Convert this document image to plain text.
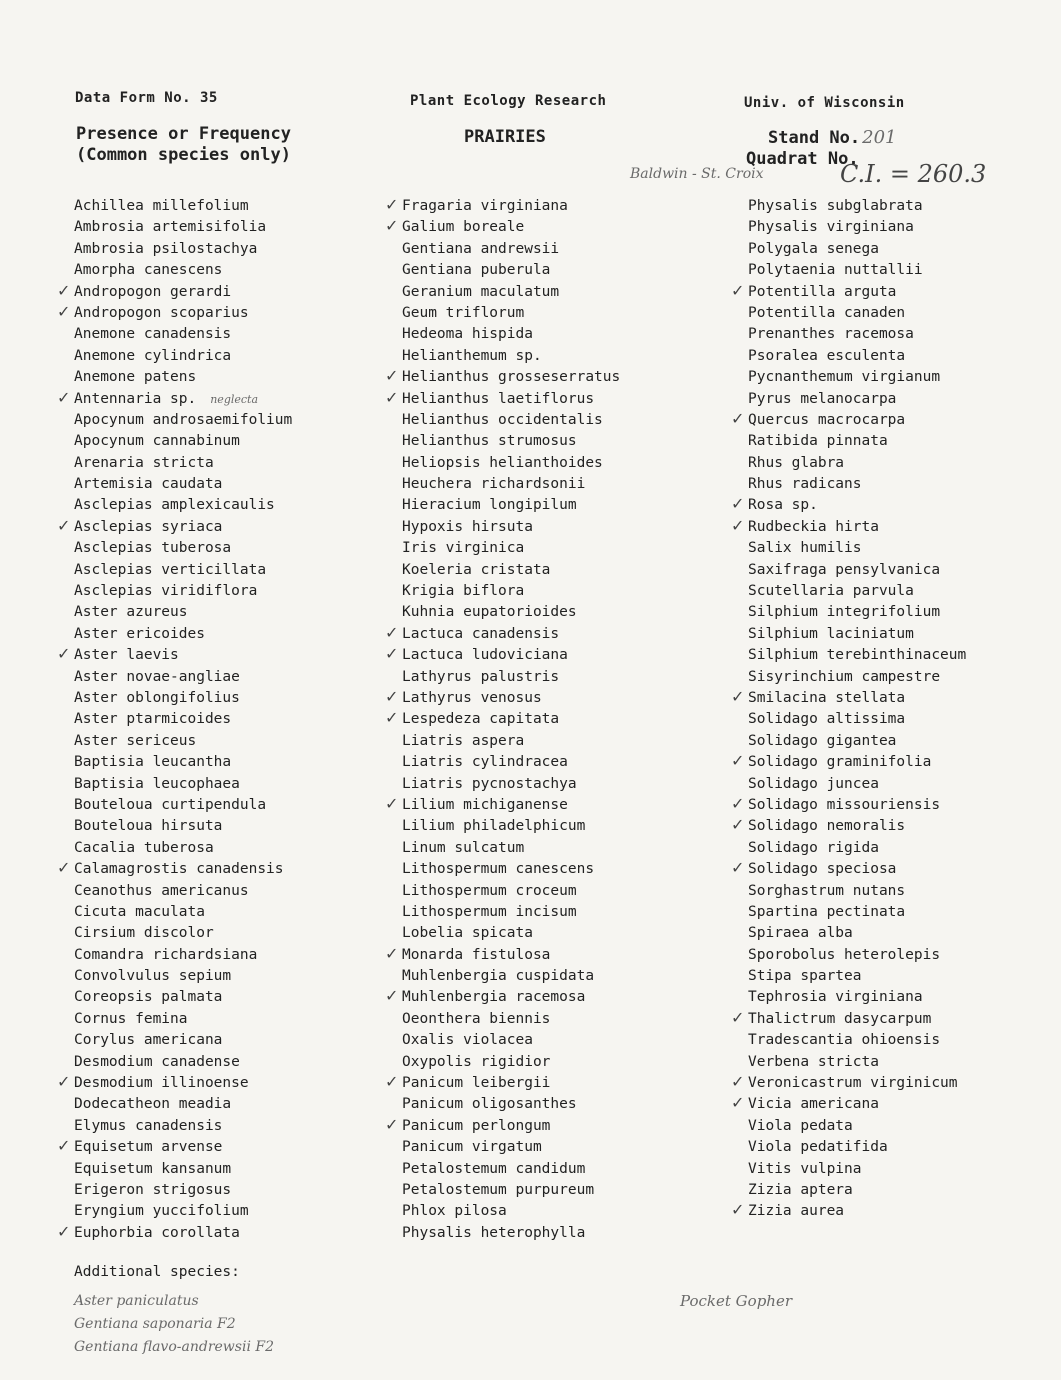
Data Form No. 35	Plant Ecology Research	Univ. of Wisconsin
Presence or Frequency
(Common species only)
PRAIRIES	Stand No. 201
Quadrat No.
Baldwin - St. Croix	C.I. = 260.3
Achillea millefolium
Ambrosia artemisifolia
Ambrosia psilostachya
Amorpha canescens
✓ Andropogon gerardi
✓ Andropogon scoparius
Anemone canadensis
Anemone cylindrica
Anemone patens
✓ Antennaria sp. neglecta
Apocynum androsaemifolium
Apocynum cannabinum
Arenaria stricta
Artemisia caudata
Asclepias amplexicaulis
✓ Asclepias syriaca
Asclepias tuberosa
Asclepias verticillata
Asclepias viridiflora
Aster azureus
Aster ericoides
✓ Aster laevis
Aster novae-angliae
Aster oblongifolius
Aster ptarmicoides
Aster sericeus
Baptisia leucantha
Baptisia leucophaea
Bouteloua curtipendula
Bouteloua hirsuta
Cacalia tuberosa
✓ Calamagrostis canadensis
Ceanothus americanus
Cicuta maculata
Cirsium discolor
Comandra richardsiana
Convolvulus sepium
Coreopsis palmata
Cornus femina
Corylus americana
Desmodium canadense
✓ Desmodium illinoense
Dodecatheon meadia
Elymus canadensis
✓ Equisetum arvense
Equisetum kansanum
Erigeron strigosus
Eryngium yuccifolium
✓ Euphorbia corollata
✓ Fragaria virginiana
✓ Galium boreale
Gentiana andrewsii
Gentiana puberula
Geranium maculatum
Geum triflorum
Hedeoma hispida
Helianthemum sp.
✓ Helianthus grosseserratus
✓ Helianthus laetiflorus
Helianthus occidentalis
Helianthus strumosus
Heliopsis helianthoides
Heuchera richardsonii
Hieracium longipilum
Hypoxis hirsuta
Iris virginica
Koeleria cristata
Krigia biflora
Kuhnia eupatorioides
✓ Lactuca canadensis
✓ Lactuca ludoviciana
Lathyrus palustris
✓ Lathyrus venosus
✓ Lespedeza capitata
Liatris aspera
Liatris cylindracea
Liatris pycnostachya
✓ Lilium michiganense
Lilium philadelphicum
Linum sulcatum
Lithospermum canescens
Lithospermum croceum
Lithospermum incisum
Lobelia spicata
✓ Monarda fistulosa
Muhlenbergia cuspidata
✓ Muhlenbergia racemosa
Oeonthera biennis
Oxalis violacea
Oxypolis rigidior
✓ Panicum leibergii
Panicum oligosanthes
✓ Panicum perlongum
Panicum virgatum
Petalostemum candidum
Petalostemum purpureum
Phlox pilosa
Physalis heterophylla
Physalis subglabrata
Physalis virginiana
Polygala senega
Polytaenia nuttallii
✓ Potentilla arguta
Potentilla canaden
Prenanthes racemosa
Psoralea esculenta
Pycnanthemum virgianum
Pyrus melanocarpa
✓ Quercus macrocarpa
Ratibida pinnata
Rhus glabra
Rhus radicans
✓ Rosa sp.
✓ Rudbeckia hirta
Salix humilis
Saxifraga pensylvanica
Scutellaria parvula
Silphium integrifolium
Silphium laciniatum
Silphium terebinthinaceum
Sisyrinchium campestre
✓ Smilacina stellata
Solidago altissima
Solidago gigantea
✓ Solidago graminifolia
Solidago juncea
✓ Solidago missouriensis
✓ Solidago nemoralis
Solidago rigida
✓ Solidago speciosa
Sorghastrum nutans
Spartina pectinata
Spiraea alba
Sporobolus heterolepis
Stipa spartea
Tephrosia virginiana
✓ Thalictrum dasycarpum
Tradescantia ohioensis
Verbena stricta
✓ Veronicastrum virginicum
✓ Vicia americana
Viola pedata
Viola pedatifida
Vitis vulpina
Zizia aptera
✓ Zizia aurea
Additional species:
Aster paniculatus
Gentiana saponaria F2
Gentiana flavo-andrewsii F2
Pocket Gopher
